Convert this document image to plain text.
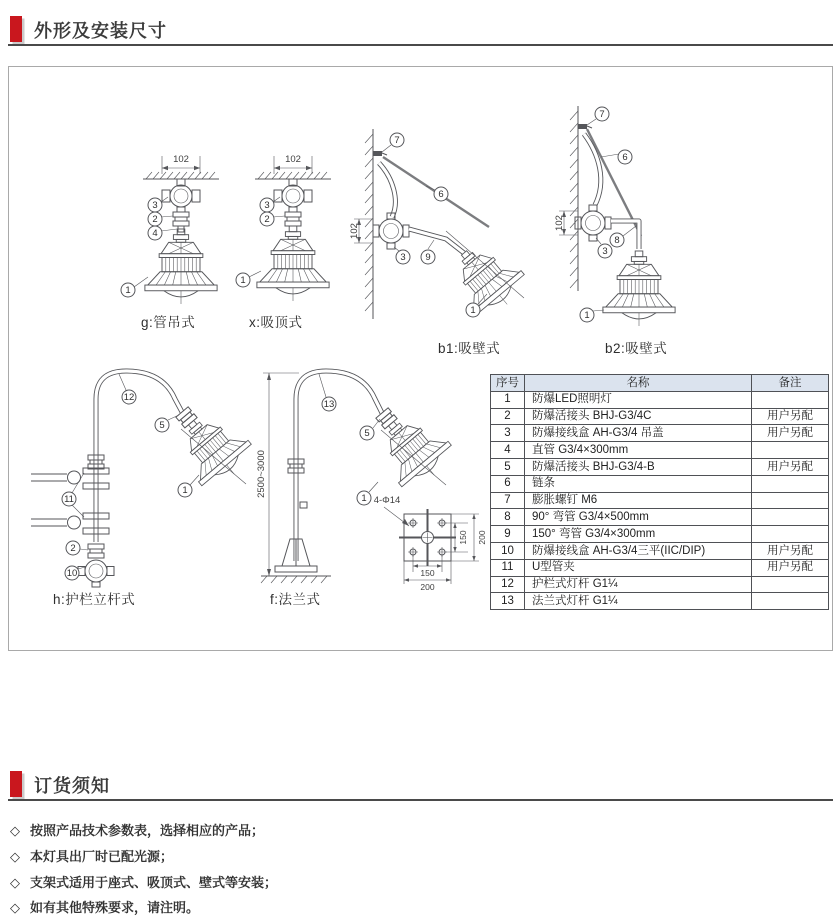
外形及安装尺寸
102
3
2
4
1
g:管吊式
102
3
2
1
x:吸顶式
7
6
102
3 9
1
b1:吸壁式
7
6
102
3
8
1
b2:吸壁式
12
5
1
11
2
10
h:护栏立杆式
2500~3000
13
5
1 4-Φ14
150 200
150
200
f:法兰式
序号	名称	备注
1	防爆LED照明灯	
2	防爆活接头 BHJ-G3/4C	用户另配
3	防爆接线盒 AH-G3/4 吊盖	用户另配
4	直管 G3/4×300mm	
5	防爆活接头 BHJ-G3/4-B	用户另配
6	链条	
7	膨胀螺钉 M6	
8	90° 弯管 G3/4×500mm	
9	150° 弯管 G3/4×300mm	
10	防爆接线盒 AH-G3/4三平(IIC/DIP)	用户另配
11	U型管夹	用户另配
12	护栏式灯杆 G1¼	
13	法兰式灯杆 G1¼	
订货须知
◇ 按照产品技术参数表，选择相应的产品；
◇ 本灯具出厂时已配光源；
◇ 支架式适用于座式、吸顶式、壁式等安装；
◇ 如有其他特殊要求，请注明。
